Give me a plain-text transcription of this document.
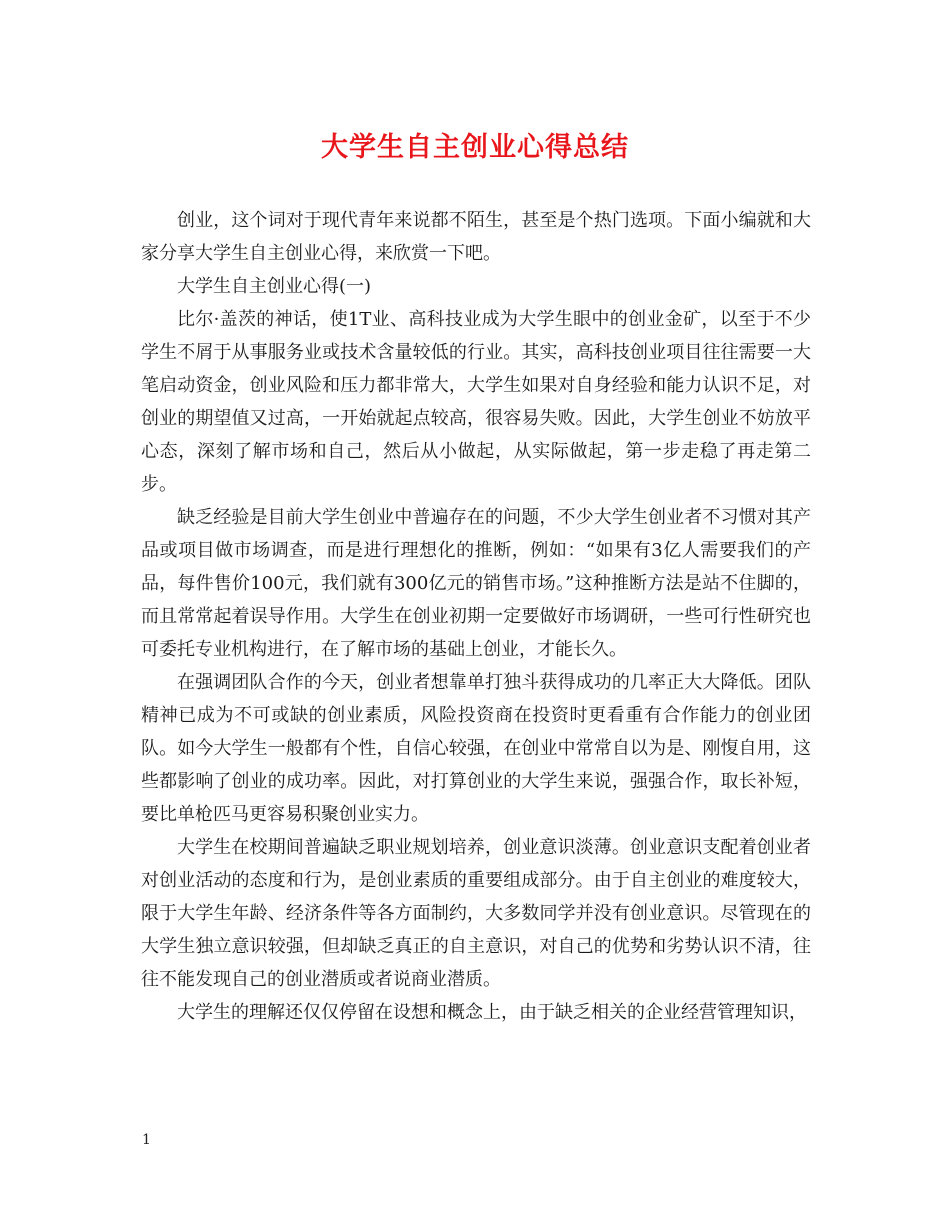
大学生自主创业心得总结

创业，这个词对于现代青年来说都不陌生，甚至是个热门选项。下面小编就和大家分享大学生自主创业心得，来欣赏一下吧。

大学生自主创业心得(一)

比尔·盖茨的神话，使1T业、高科技业成为大学生眼中的创业金矿，以至于不少学生不屑于从事服务业或技术含量较低的行业。其实，高科技创业项目往往需要一大笔启动资金，创业风险和压力都非常大，大学生如果对自身经验和能力认识不足，对创业的期望值又过高，一开始就起点较高，很容易失败。因此，大学生创业不妨放平心态，深刻了解市场和自己，然后从小做起，从实际做起，第一步走稳了再走第二步。

缺乏经验是目前大学生创业中普遍存在的问题，不少大学生创业者不习惯对其产品或项目做市场调查，而是进行理想化的推断，例如：“如果有3亿人需要我们的产品，每件售价100元，我们就有300亿元的销售市场。”这种推断方法是站不住脚的，而且常常起着误导作用。大学生在创业初期一定要做好市场调研，一些可行性研究也可委托专业机构进行，在了解市场的基础上创业，才能长久。

在强调团队合作的今天，创业者想靠单打独斗获得成功的几率正大大降低。团队精神已成为不可或缺的创业素质，风险投资商在投资时更看重有合作能力的创业团队。如今大学生一般都有个性，自信心较强，在创业中常常自以为是、刚愎自用，这些都影响了创业的成功率。因此，对打算创业的大学生来说，强强合作，取长补短，要比单枪匹马更容易积聚创业实力。

大学生在校期间普遍缺乏职业规划培养，创业意识淡薄。创业意识支配着创业者对创业活动的态度和行为，是创业素质的重要组成部分。由于自主创业的难度较大，限于大学生年龄、经济条件等各方面制约，大多数同学并没有创业意识。尽管现在的大学生独立意识较强，但却缺乏真正的自主意识，对自己的优势和劣势认识不清，往往不能发现自己的创业潜质或者说商业潜质。

大学生的理解还仅仅停留在设想和概念上，由于缺乏相关的企业经营管理知识，

1
